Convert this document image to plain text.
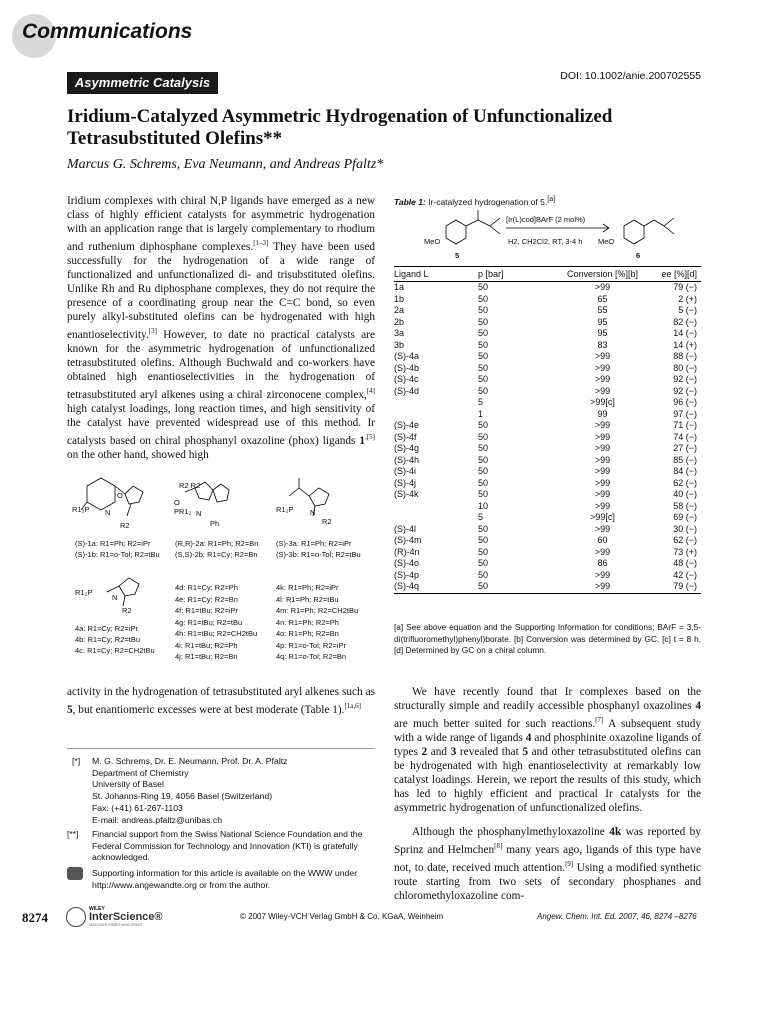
Communications
Asymmetric Catalysis	DOI: 10.1002/anie.200702555
Iridium-Catalyzed Asymmetric Hydrogenation of Unfunctionalized Tetrasubstituted Olefins**
Marcus G. Schrems, Eva Neumann, and Andreas Pfaltz*
Iridium complexes with chiral N,P ligands have emerged as a new class of highly efficient catalysts for asymmetric hydrogenation with an application range that is largely complementary to rhodium and ruthenium diphosphane complexes.[1–3] They have been used successfully for the hydrogenation of a wide range of functionalized and unfunctionalized di- and trisubstituted olefins. Unlike Rh and Ru diphosphane complexes, they do not require the presence of a coordinating group near the C=C bond, so even purely alkyl-substituted olefins can be hydrogenated with high enantioselectivity.[3] However, to date no practical catalysts are known for the asymmetric hydrogenation of unfunctionalized tetrasubstituted olefins. Although Buchwald and co-workers have obtained high enantioselectivities in the hydrogenation of tetrasubstituted aryl alkenes using a chiral zirconocene complex,[4] high catalyst loadings, long reaction times, and high sensitivity of the catalyst have prevented widespread use of this method. Ir catalysts based on chiral phosphanyl oxazoline (phox) ligands $1^{,[5]}$ on the other hand, showed high
R1₂P N
O
R2
R2 R2
O
PR1₂ N
Ph
R1₂P N
R2
R1₂P
N
R2
(S)-1a: R1=Ph; R2=iPr
(S)-1b: R1=o-Tol; R2=tBu
(R,R)-2a: R1=Ph; R2=Bn
(S,S)-2b: R1=Cy; R2=Bn
(S)-3a: R1=Ph; R2=iPr
(S)-3b: R1=o-Tol; R2=tBu
4a: R1=Cy; R2=iPr
4b: R1=Cy; R2=tBu
4c: R1=Cy; R2=CH2tBu
4d: R1=Cy; R2=Ph
4e: R1=Cy; R2=Bn
4f: R1=tBu; R2=iPr
4g: R1=tBu; R2=tBu
4h: R1=tBu; R2=CH2tBu
4i: R1=tBu; R2=Ph
4j: R1=tBu; R2=Bn
4k: R1=Ph; R2=iPr
4l: R1=Ph; R2=tBu
4m: R1=Ph; R2=CH2tBu
4n: R1=Ph; R2=Ph
4o: R1=Ph; R2=Bn
4p: R1=o-Tol; R2=iPr
4q: R1=o-Tol; R2=Bn
activity in the hydrogenation of tetrasubstituted aryl alkenes such as 5, but enantiomeric excesses were at best moderate (Table 1).[1a,6]
[*] M. G. Schrems, Dr. E. Neumann, Prof. Dr. A. Pfaltz
Department of Chemistry
University of Basel
St. Johanns-Ring 19, 4056 Basel (Switzerland)
Fax: (+41) 61-267-1103
E-mail: andreas.pfaltz@unibas.ch
[**] Financial support from the Swiss National Science Foundation and the Federal Commission for Technology and Innovation (KTI) is gratefully acknowledged.
Supporting information for this article is available on the WWW under http://www.angewandte.org or from the author.
Table 1: Ir-catalyzed hydrogenation of 5.[a]
[Ir(L)cod]BArF (2 mol%)
H2, CH2Cl2, RT, 3-4 h
MeO	MeO
5	6
Ligand L	p [bar]	Conversion [%][b]	ee [%][d]
1a	50	>99	79 (−)
1b	50	65	2 (+)
2a	50	55	5 (−)
2b	50	95	82 (−)
3a	50	95	14 (−)
3b	50	83	14 (+)
(S)-4a	50	>99	88 (−)
(S)-4b	50	>99	80 (−)
(S)-4c	50	>99	92 (−)
(S)-4d	50	>99	92 (−)
	5	>99[c]	96 (−)
	1	99	97 (−)
(S)-4e	50	>99	71 (−)
(S)-4f	50	>99	74 (−)
(S)-4g	50	>99	27 (−)
(S)-4h	50	>99	85 (−)
(S)-4i	50	>99	84 (−)
(S)-4j	50	>99	62 (−)
(S)-4k	50	>99	40 (−)
	10	>99	58 (−)
	5	>99[c]	69 (−)
(S)-4l	50	>99	30 (−)
(S)-4m	50	60	62 (−)
(R)-4n	50	>99	73 (+)
(S)-4o	50	86	48 (−)
(S)-4p	50	>99	42 (−)
(S)-4q	50	>99	79 (−)
[a] See above equation and the Supporting Information for conditions; BArF = 3,5-di(trifluoromethyl)phenyl)borate. [b] Conversion was determined by GC. [c] t = 8 h. [d] Determined by GC on a chiral column.
We have recently found that Ir complexes based on the structurally simple and readily accessible phosphanyl oxazolines 4 are much better suited for such reactions.[7] A subsequent study with a wide range of ligands 4 and phosphinite oxazoline ligands of types 2 and 3 revealed that 5 and other tetrasubstituted olefins can be hydrogenated with high enantioselectivity at remarkably low catalyst loadings. Herein, we report the results of this study, which has led to highly efficient and practical Ir catalysts for the asymmetric hydrogenation of unfunctionalized olefins.
Although the phosphanylmethyloxazoline 4k was reported by Sprinz and Helmchen[8] many years ago, ligands of this type have not, to date, received much attention.[9] Using a modified synthetic route starting from two sets of secondary phosphanes and chloromethyloxazoline com-
8274
WILEY
InterScience®
DISCOVER SOMETHING GREAT
© 2007 Wiley-VCH Verlag GmbH & Co. KGaA, Weinheim	Angew. Chem. Int. Ed. 2007, 46, 8274 –8276
